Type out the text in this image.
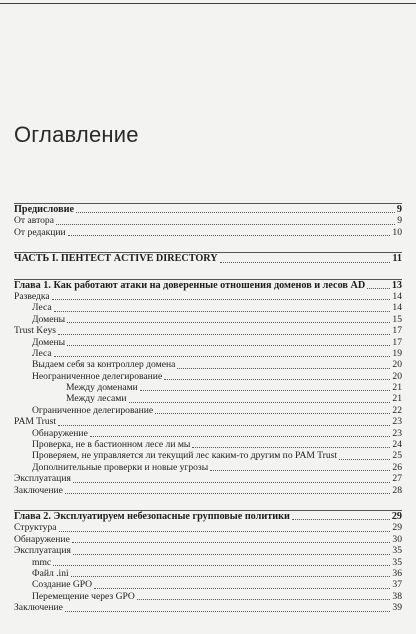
Оглавление
Предисловие	9
От автора	9
От редакции	10
ЧАСТЬ I. ПЕНТЕСТ ACTIVE DIRECTORY	11
Глава 1. Как работают атаки на доверенные отношения доменов и лесов AD	13
Разведка	14
Леса	14
Домены	15
Trust Keys	17
Домены	17
Леса	19
Выдаем себя за контроллер домена	20
Неограниченное делегирование	20
Между доменами	21
Между лесами	21
Ограниченное делегирование	22
PAM Trust	23
Обнаружение	23
Проверка, не в бастионном лесе ли мы	24
Проверяем, не управляется ли текущий лес каким-то другим по PAM Trust	25
Дополнительные проверки и новые угрозы	26
Эксплуатация	27
Заключение	28
Глава 2. Эксплуатируем небезопасные групповые политики	29
Структура	29
Обнаружение	30
Эксплуатация	35
mmc	35
Файл .ini	36
Создание GPO	37
Перемещение через GPO	38
Заключение	39
